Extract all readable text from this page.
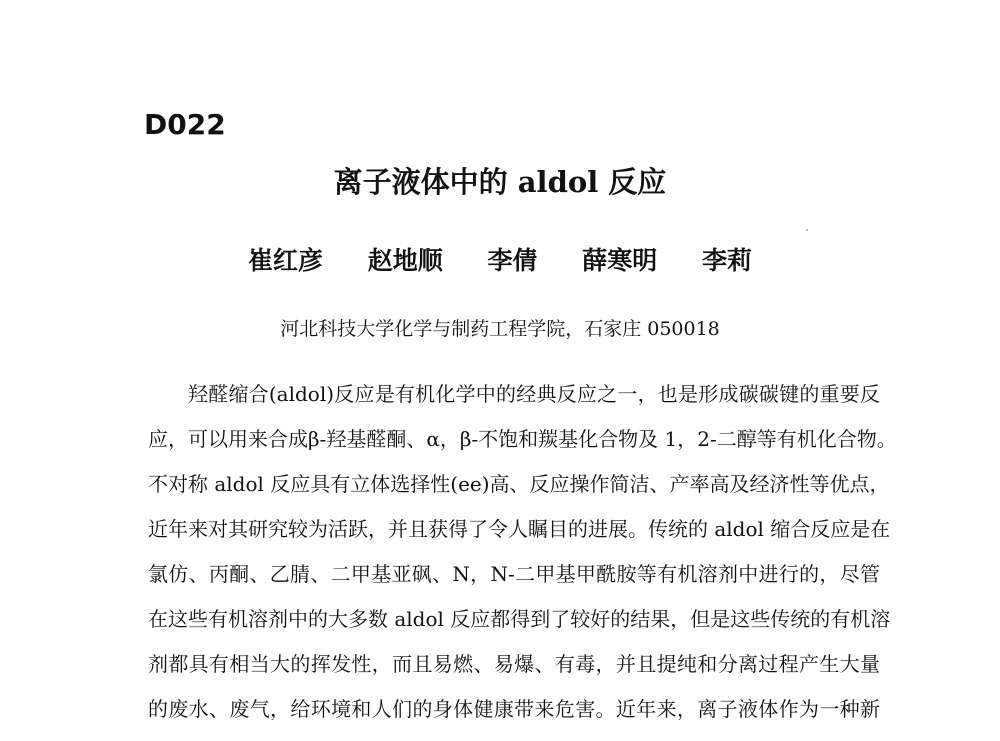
D022
离子液体中的 aldol 反应
崔红彦 赵地顺 李倩 薛寒明 李莉
河北科技大学化学与制药工程学院，石家庄 050018
羟醛缩合(aldol)反应是有机化学中的经典反应之一，也是形成碳碳键的重要反
应，可以用来合成β-羟基醛酮、α，β-不饱和羰基化合物及 1，2-二醇等有机化合物。
不对称 aldol 反应具有立体选择性(ee)高、反应操作简洁、产率高及经济性等优点，
近年来对其研究较为活跃，并且获得了令人瞩目的进展。传统的 aldol 缩合反应是在
氯仿、丙酮、乙腈、二甲基亚砜、N，N-二甲基甲酰胺等有机溶剂中进行的，尽管
在这些有机溶剂中的大多数 aldol 反应都得到了较好的结果，但是这些传统的有机溶
剂都具有相当大的挥发性，而且易燃、易爆、有毒，并且提纯和分离过程产生大量
的废水、废气，给环境和人们的身体健康带来危害。近年来，离子液体作为一种新
